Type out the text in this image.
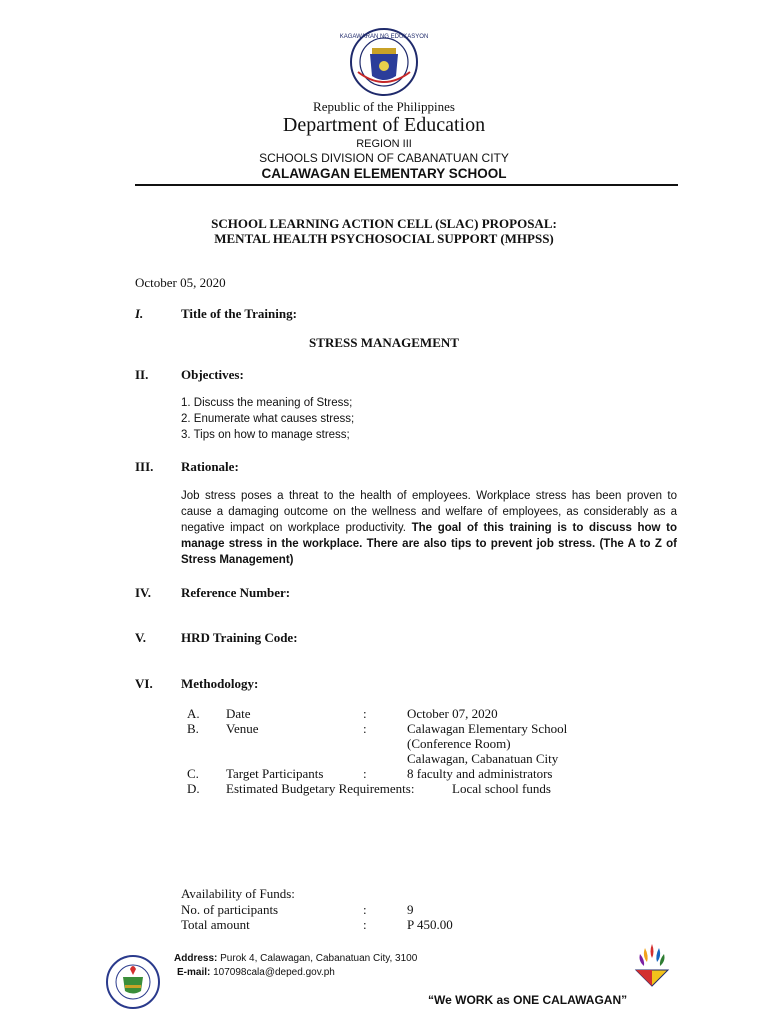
KAGAWARAN NG EDUKASYON
Republic of the Philippines
Department of Education
REGION III
SCHOOLS DIVISION OF CABANATUAN CITY
CALAWAGAN ELEMENTARY SCHOOL
SCHOOL LEARNING ACTION CELL (SLAC) PROPOSAL:
MENTAL HEALTH PSYCHOSOCIAL SUPPORT (MHPSS)
October 05, 2020
I.	Title of the Training:
STRESS MANAGEMENT
II.	Objectives:
1. Discuss the meaning of Stress;
2. Enumerate what causes stress;
3. Tips on how to manage stress;
III. Rationale:
Job stress poses a threat to the health of employees. Workplace stress has been proven to cause a damaging outcome on the wellness and welfare of employees, as considerably as a negative impact on workplace productivity. The goal of this training is to discuss how to manage stress in the workplace. There are also tips to prevent job stress. (The A to Z of Stress Management)
IV. Reference Number:
V.	HRD Training Code:
VI. Methodology:
A. Date	:	October 07, 2020
B. Venue	:	Calawagan Elementary School
(Conference Room)
Calawagan, Cabanatuan City
C. Target Participants	:	8 faculty and administrators
D. Estimated Budgetary Requirements:	Local school funds
Availability of Funds:
No. of participants	:	9
Total amount	:	P 450.00
Address: Purok 4, Calawagan, Cabanatuan City, 3100
E-mail: 107098cala@deped.gov.ph
“We WORK as ONE CALAWAGAN”
